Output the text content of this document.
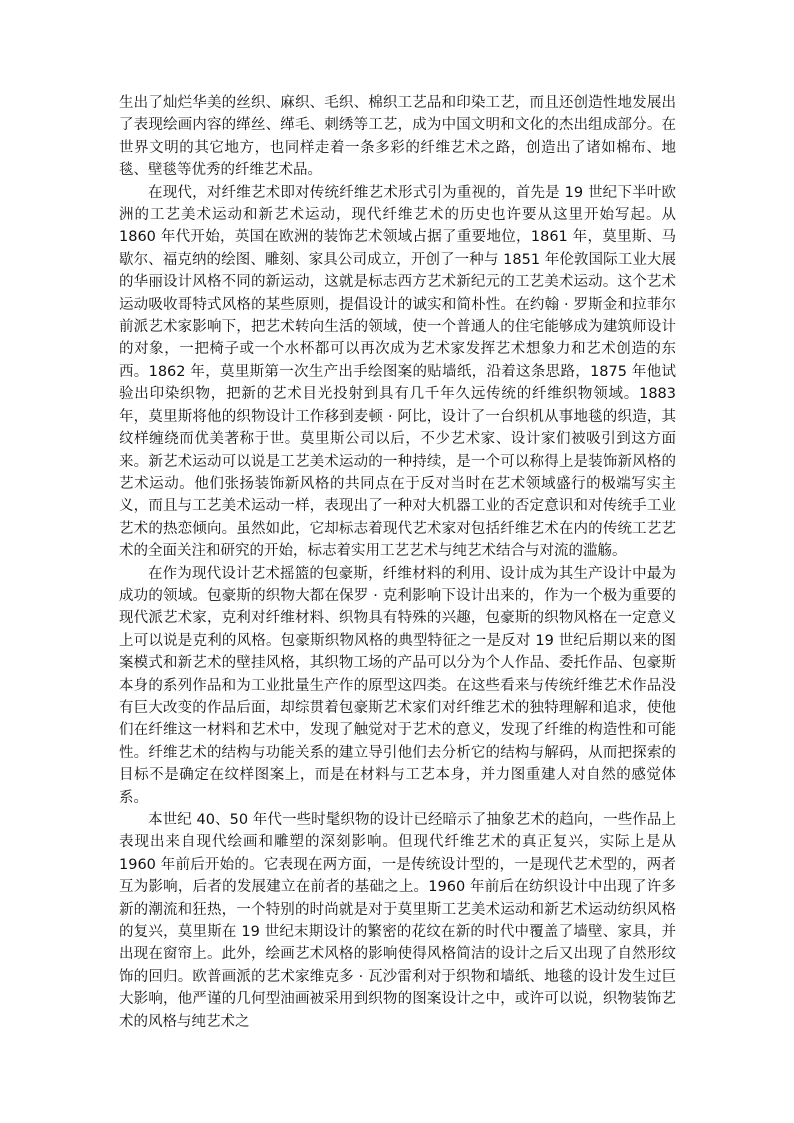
生出了灿烂华美的丝织、麻织、毛织、棉织工艺品和印染工艺，而且还创造性地发展出了表现绘画内容的缂丝、缂毛、刺绣等工艺，成为中国文明和文化的杰出组成部分。在世界文明的其它地方，也同样走着一条多彩的纤维艺术之路，创造出了诸如棉布、地毯、壁毯等优秀的纤维艺术品。

在现代，对纤维艺术即对传统纤维艺术形式引为重视的，首先是 19 世纪下半叶欧洲的工艺美术运动和新艺术运动，现代纤维艺术的历史也许要从这里开始写起。从 1860 年代开始，英国在欧洲的装饰艺术领域占据了重要地位，1861 年，莫里斯、马歇尔、福克纳的绘图、雕刻、家具公司成立，开创了一种与 1851 年伦敦国际工业大展的华丽设计风格不同的新运动，这就是标志西方艺术新纪元的工艺美术运动。这个艺术运动吸收哥特式风格的某些原则，提倡设计的诚实和简朴性。在约翰 · 罗斯金和拉菲尔前派艺术家影响下，把艺术转向生活的领域，使一个普通人的住宅能够成为建筑师设计的对象，一把椅子或一个水杯都可以再次成为艺术家发挥艺术想象力和艺术创造的东西。1862 年，莫里斯第一次生产出手绘图案的贴墙纸，沿着这条思路，1875 年他试验出印染织物，把新的艺术目光投射到具有几千年久远传统的纤维织物领域。1883 年，莫里斯将他的织物设计工作移到麦顿 · 阿比，设计了一台织机从事地毯的织造，其纹样缠绕而优美著称于世。莫里斯公司以后，不少艺术家、设计家们被吸引到这方面来。新艺术运动可以说是工艺美术运动的一种持续，是一个可以称得上是装饰新风格的艺术运动。他们张扬装饰新风格的共同点在于反对当时在艺术领域盛行的极端写实主义，而且与工艺美术运动一样，表现出了一种对大机器工业的否定意识和对传统手工业艺术的热恋倾向。虽然如此，它却标志着现代艺术家对包括纤维艺术在内的传统工艺艺术的全面关注和研究的开始，标志着实用工艺艺术与纯艺术结合与对流的滥觞。

在作为现代设计艺术摇篮的包豪斯，纤维材料的利用、设计成为其生产设计中最为成功的领域。包豪斯的织物大都在保罗 · 克利影响下设计出来的，作为一个极为重要的现代派艺术家，克利对纤维材料、织物具有特殊的兴趣，包豪斯的织物风格在一定意义上可以说是克利的风格。包豪斯织物风格的典型特征之一是反对 19 世纪后期以来的图案模式和新艺术的壁挂风格，其织物工场的产品可以分为个人作品、委托作品、包豪斯本身的系列作品和为工业批量生产作的原型这四类。在这些看来与传统纤维艺术作品没有巨大改变的作品后面，却综贯着包豪斯艺术家们对纤维艺术的独特理解和追求，使他们在纤维这一材料和艺术中，发现了触觉对于艺术的意义，发现了纤维的构造性和可能性。纤维艺术的结构与功能关系的建立导引他们去分析它的结构与解码，从而把探索的目标不是确定在纹样图案上，而是在材料与工艺本身，并力图重建人对自然的感觉体系。

本世纪 40、50 年代一些时髦织物的设计已经暗示了抽象艺术的趋向，一些作品上表现出来自现代绘画和雕塑的深刻影响。但现代纤维艺术的真正复兴，实际上是从 1960 年前后开始的。它表现在两方面，一是传统设计型的，一是现代艺术型的，两者互为影响，后者的发展建立在前者的基础之上。1960 年前后在纺织设计中出现了许多新的潮流和狂热，一个特别的时尚就是对于莫里斯工艺美术运动和新艺术运动纺织风格的复兴，莫里斯在 19 世纪末期设计的繁密的花纹在新的时代中覆盖了墙壁、家具，并出现在窗帘上。此外，绘画艺术风格的影响使得风格简洁的设计之后又出现了自然形纹饰的回归。欧普画派的艺术家维克多 · 瓦沙雷利对于织物和墙纸、地毯的设计发生过巨大影响，他严谨的几何型油画被采用到织物的图案设计之中，或许可以说，织物装饰艺术的风格与纯艺术之
